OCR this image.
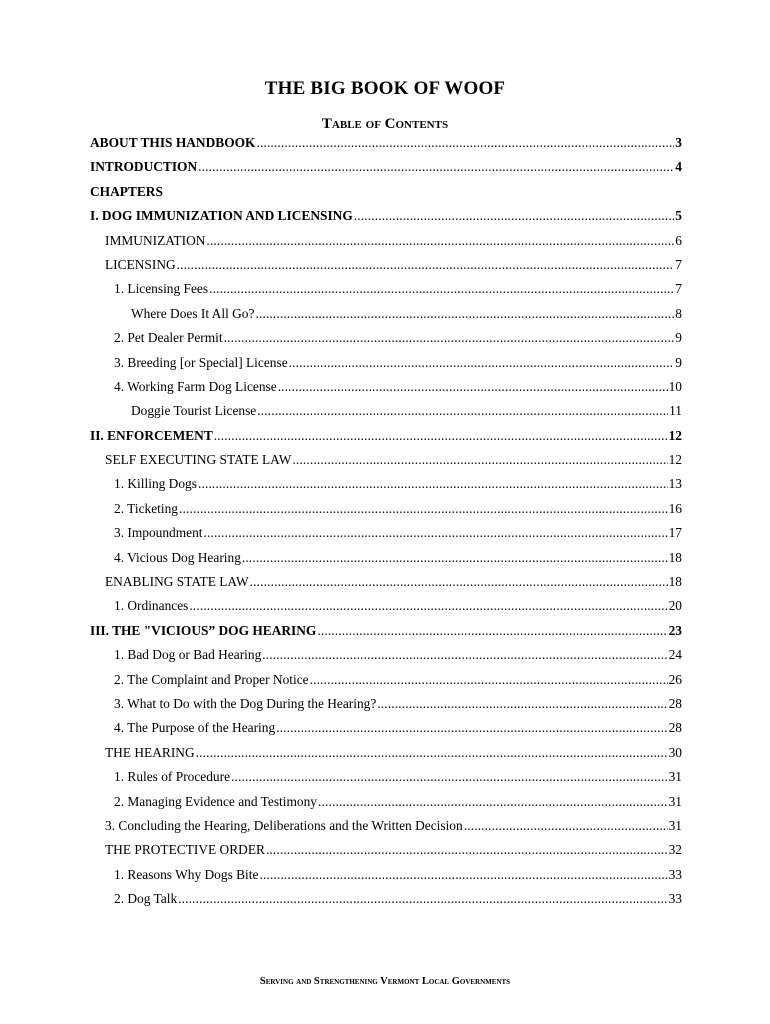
THE BIG BOOK OF WOOF
Table of Contents
ABOUT THIS HANDBOOK . . .	3
INTRODUCTION . . .	4
CHAPTERS
I. DOG IMMUNIZATION AND LICENSING . . .	5
IMMUNIZATION . . .	6
LICENSING . . .	7
1. Licensing Fees . . .	7
Where Does It All Go? . . .	8
2. Pet Dealer Permit . . .	9
3. Breeding [or Special] License . . .	9
4. Working Farm Dog License . . .	10
Doggie Tourist License . . .	11
II. ENFORCEMENT . . .	12
SELF EXECUTING STATE LAW . . .	12
1. Killing Dogs . . .	13
2. Ticketing . . .	16
3. Impoundment . . .	17
4. Vicious Dog Hearing . . .	18
ENABLING STATE LAW . . .	18
1. Ordinances . . .	20
III. THE "VICIOUS” DOG HEARING . . .	23
1. Bad Dog or Bad Hearing . . .	24
2. The Complaint and Proper Notice . . .	26
3. What to Do with the Dog During the Hearing? . . .	28
4. The Purpose of the Hearing . . .	28
THE HEARING . . .	30
1. Rules of Procedure . . .	31
2. Managing Evidence and Testimony . . .	31
3. Concluding the Hearing, Deliberations and the Written Decision . . .	31
THE PROTECTIVE ORDER . . .	32
1. Reasons Why Dogs Bite . . .	33
2. Dog Talk . . .	33
Serving and Strengthening Vermont Local Governments
